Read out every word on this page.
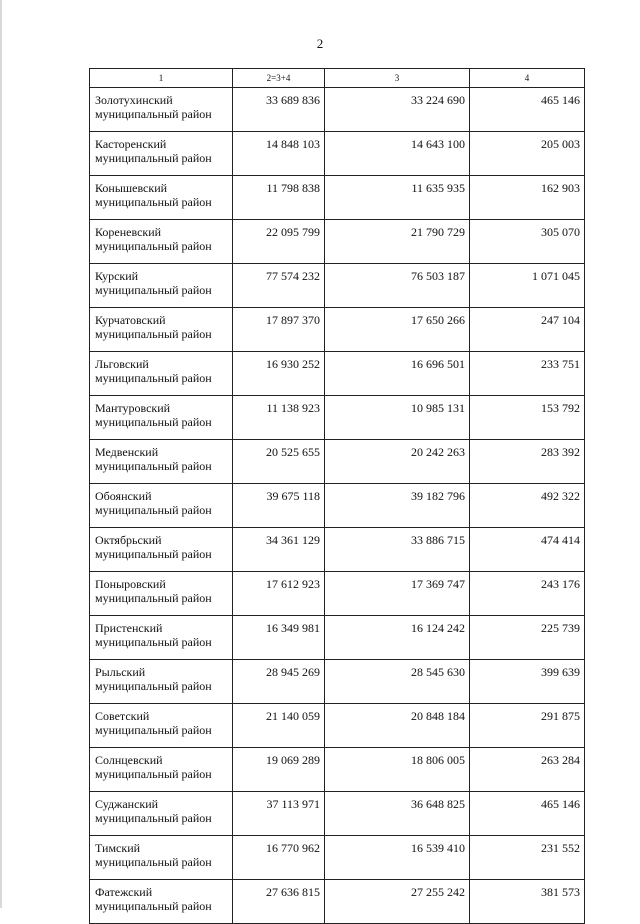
2
1	2=3+4	3	4

Золотухинский
муниципальный район	33 689 836	33 224 690	465 146

Касторенский
муниципальный район	14 848 103	14 643 100	205 003

Конышевский
муниципальный район	11 798 838	11 635 935	162 903

Кореневский
муниципальный район	22 095 799	21 790 729	305 070

Курский
муниципальный район	77 574 232	76 503 187	1 071 045

Курчатовский
муниципальный район	17 897 370	17 650 266	247 104

Льговский
муниципальный район	16 930 252	16 696 501	233 751

Мантуровский
муниципальный район	11 138 923	10 985 131	153 792

Медвенский
муниципальный район	20 525 655	20 242 263	283 392

Обоянский
муниципальный район	39 675 118	39 182 796	492 322

Октябрьский
муниципальный район	34 361 129	33 886 715	474 414

Поныровский
муниципальный район	17 612 923	17 369 747	243 176

Пристенский
муниципальный район	16 349 981	16 124 242	225 739

Рыльский
муниципальный район	28 945 269	28 545 630	399 639

Советский
муниципальный район	21 140 059	20 848 184	291 875

Солнцевский
муниципальный район	19 069 289	18 806 005	263 284

Суджанский
муниципальный район	37 113 971	36 648 825	465 146

Тимский
муниципальный район	16 770 962	16 539 410	231 552

Фатежский
муниципальный район	27 636 815	27 255 242	381 573
